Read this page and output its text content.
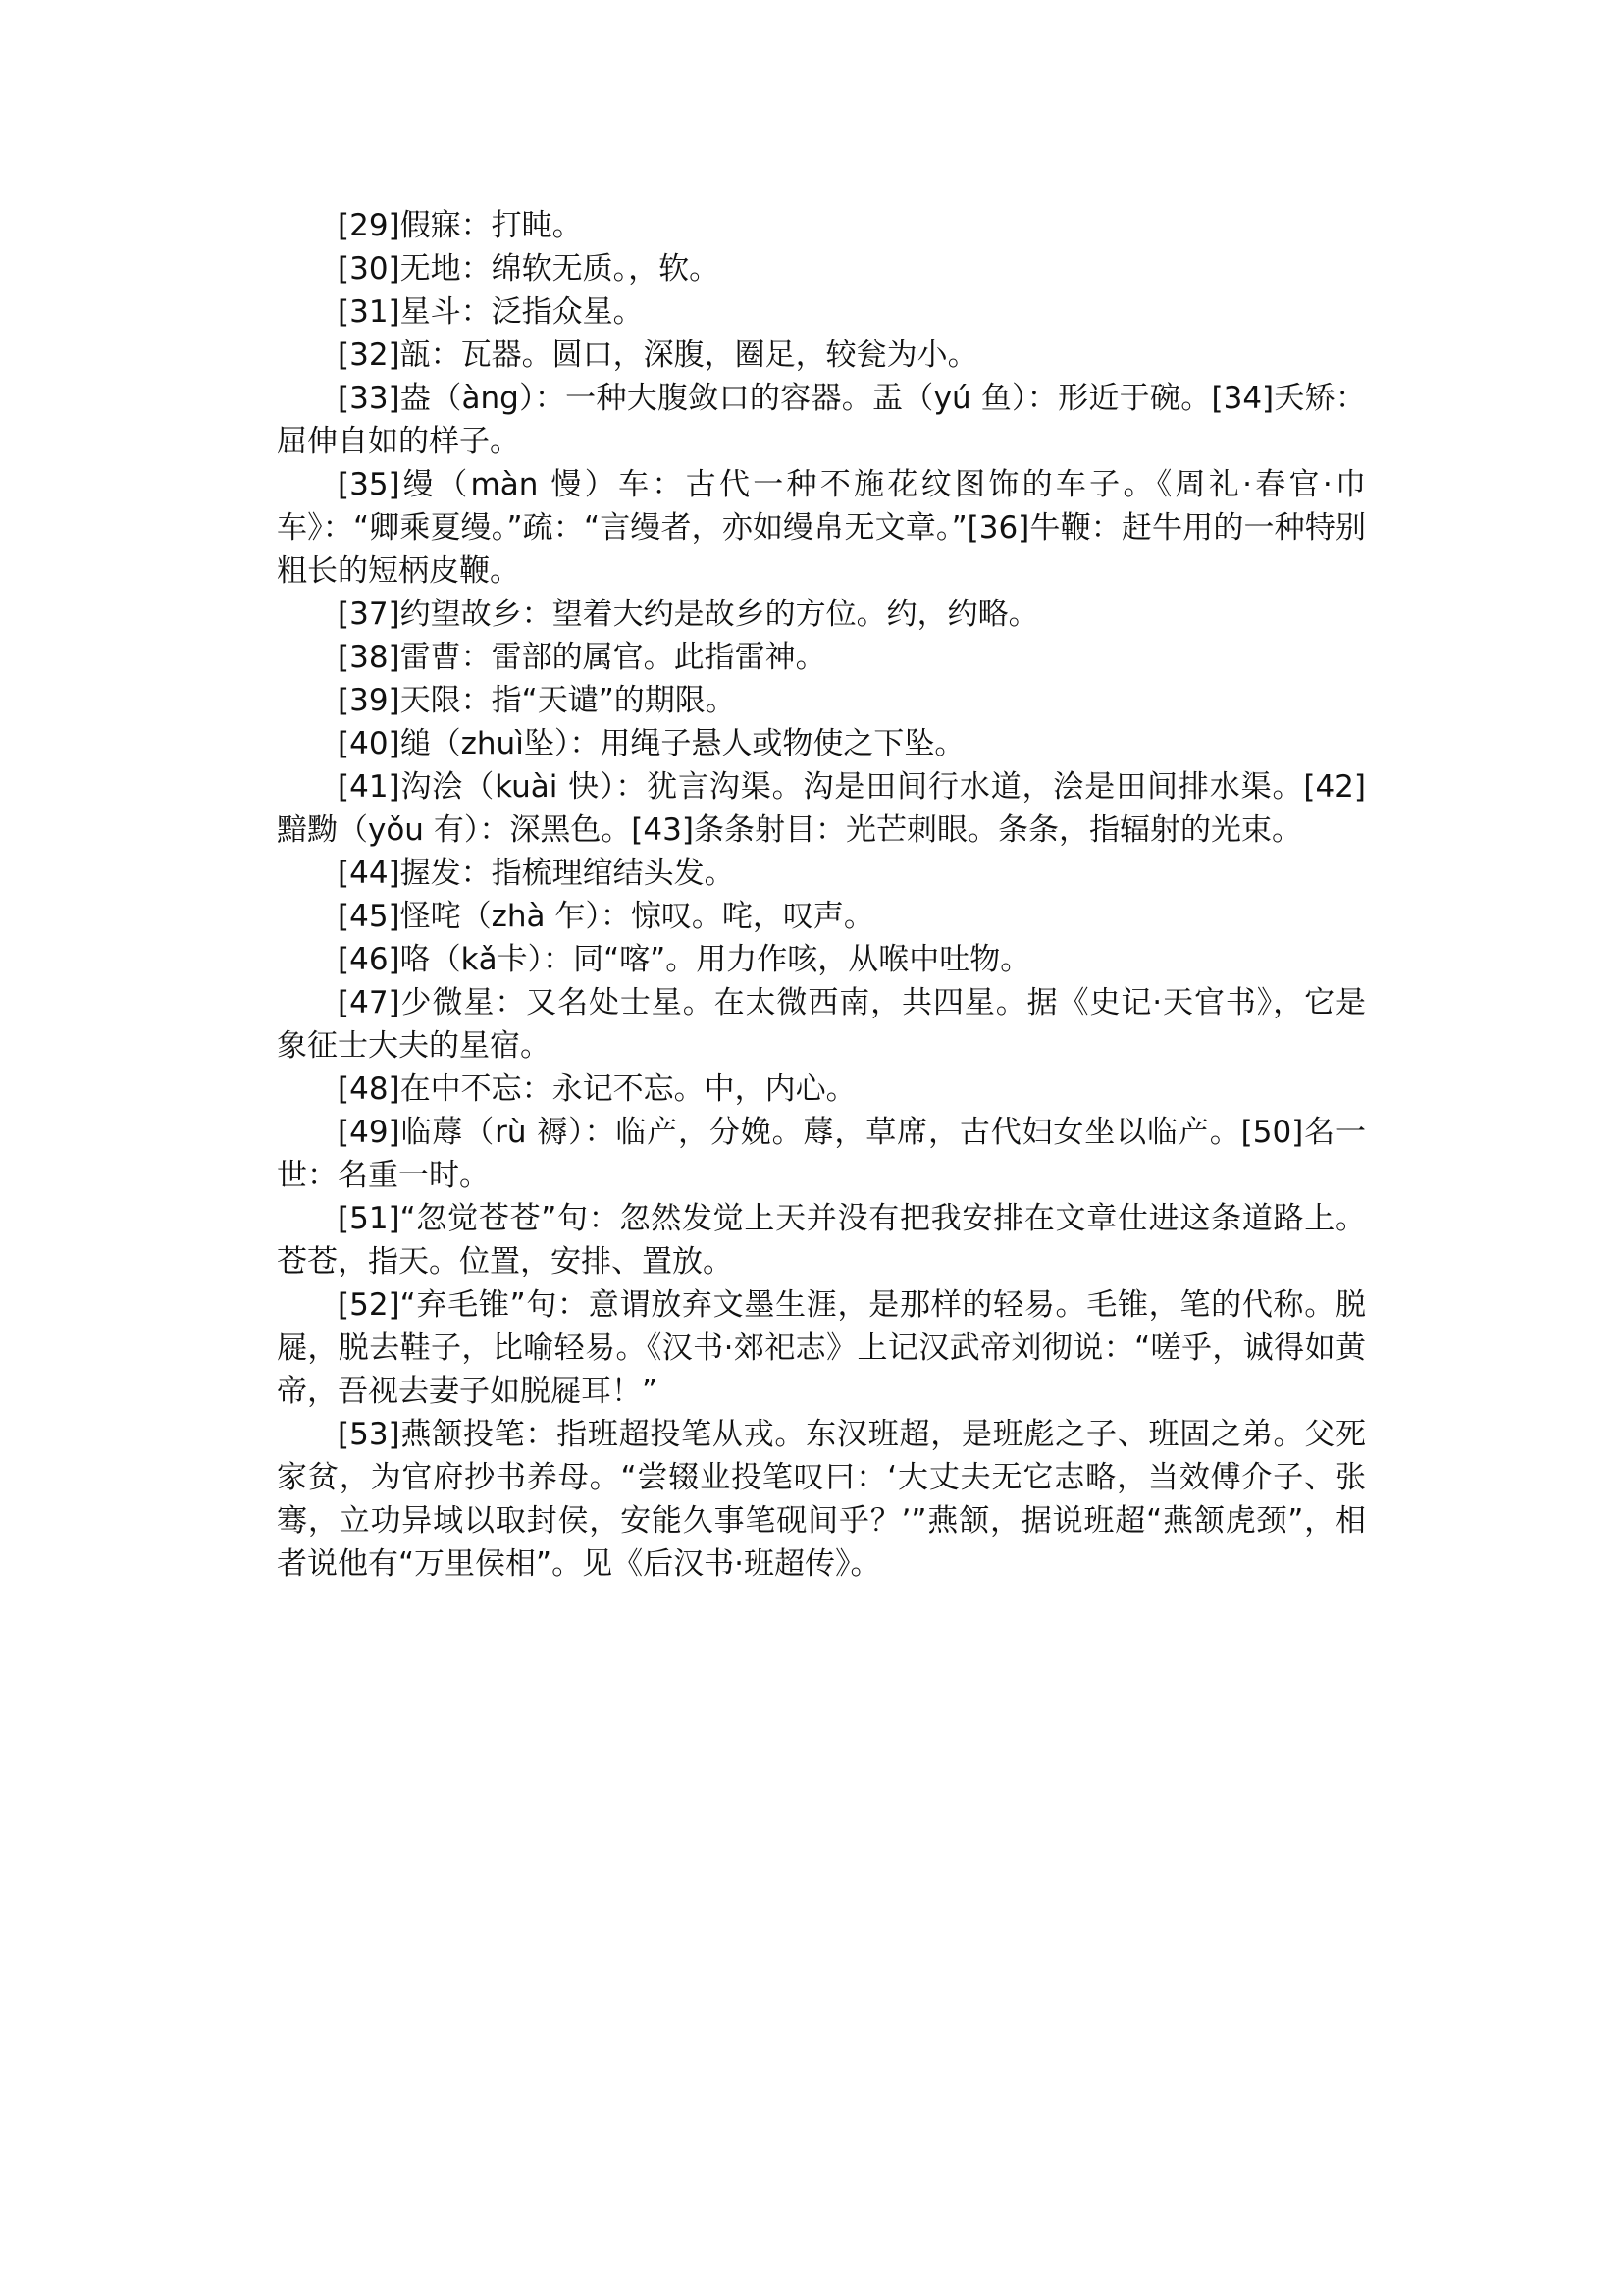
[29]假寐：打盹。

[30]无地：绵软无质。，软。

[31]星斗：泛指众星。

[32]瓿：瓦器。圆口，深腹，圈足，较瓮为小。

[33]盎（àng）：一种大腹敛口的容器。盂（yú 鱼）：形近于碗。[34]夭矫：屈伸自如的样子。

[35]缦（màn 慢）车：古代一种不施花纹图饰的车子。《周礼·春官·巾车》：“卿乘夏缦。”疏：“言缦者，亦如缦帛无文章。”[36]牛鞭：赶牛用的一种特别粗长的短柄皮鞭。

[37]约望故乡：望着大约是故乡的方位。约，约略。

[38]雷曹：雷部的属官。此指雷神。

[39]天限：指“天谴”的期限。

[40]缒（zhuì坠）：用绳子悬人或物使之下坠。

[41]沟浍（kuài 快）：犹言沟渠。沟是田间行水道，浍是田间排水渠。[42]黯黝（yǒu 有）：深黑色。[43]条条射目：光芒刺眼。条条，指辐射的光束。

[44]握发：指梳理绾结头发。

[45]怪咤（zhà 乍）：惊叹。咤，叹声。

[46]咯（kǎ卡）：同“喀”。用力作咳，从喉中吐物。

[47]少微星：又名处士星。在太微西南，共四星。据《史记·天官书》，它是象征士大夫的星宿。

[48]在中不忘：永记不忘。中，内心。

[49]临蓐（rù 褥）：临产，分娩。蓐，草席，古代妇女坐以临产。[50]名一世：名重一时。

[51]“忽觉苍苍”句：忽然发觉上天并没有把我安排在文章仕进这条道路上。苍苍，指天。位置，安排、置放。

[52]“弃毛锥”句：意谓放弃文墨生涯，是那样的轻易。毛锥，笔的代称。脱屣，脱去鞋子，比喻轻易。《汉书·郊祀志》上记汉武帝刘彻说：“嗟乎，诚得如黄帝，吾视去妻子如脱屣耳！”

[53]燕颔投笔：指班超投笔从戎。东汉班超，是班彪之子、班固之弟。父死家贫，为官府抄书养母。“尝辍业投笔叹曰：‘大丈夫无它志略，当效傅介子、张骞，立功异域以取封侯，安能久事笔砚间乎？’”燕颔，据说班超“燕颔虎颈”，相者说他有“万里侯相”。见《后汉书·班超传》。
